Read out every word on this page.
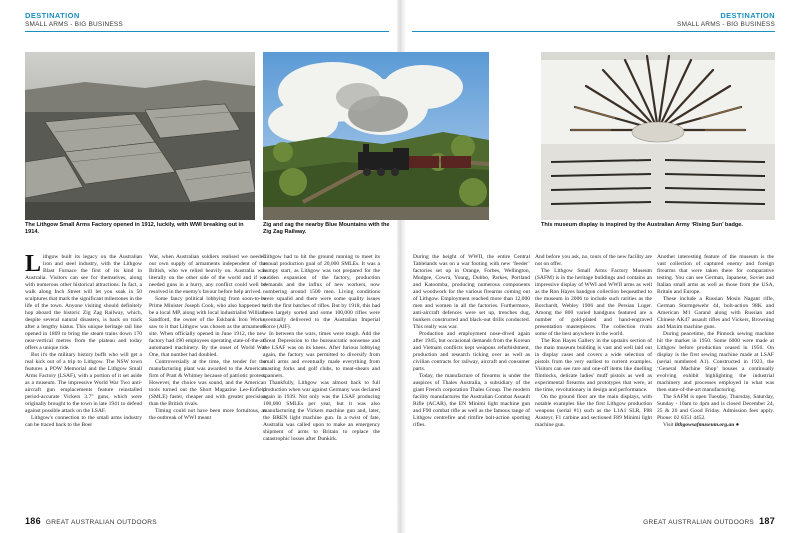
DESTINATION
SMALL ARMS - BIG BUSINESS
DESTINATION
SMALL ARMS - BIG BUSINESS
The Lithgow Small Arms Factory opened in 1912, luckily, with WWI breaking out in 1914.
Zig and zag the nearby Blue Mountains with the Zig Zag Railway.
This museum display is inspired by the Australian Army ‘Rising Sun’ badge.

Lithgow built its legacy on the Australian iron and steel industry, with the Lithgow Blast Furnace the first of its kind in Australia. Visitors can see for themselves, along with numerous other historical attractions. In fact, a walk along Inch Street will let you soak in 50 sculptures that mark the significant milestones in the life of the town. Anyone visiting should definitely hop aboard the historic Zig Zag Railway, which, despite several natural disasters, is back on track after a lengthy hiatus. This unique heritage rail line opened in 1869 to bring the steam trains down 170 near-vertical metres from the plateau and today offers a unique ride.

But it's the military history buffs who will get a real kick out of a trip to Lithgow. The NSW town features a POW Memorial and the Lithgow Small Arms Factory (LSAF), with a portion of it set aside as a museum. The impressive World War Two anti-aircraft gun emplacements feature reinstalled period-accurate Vickers 3.7” guns, which were originally brought to the town in late 1941 to defend against possible attack on the LSAF.

Lithgow's connection to the small arms industry can be traced back to the Boer

War, when Australian soldiers realised we needed our own supply of armaments independent of the British, who we relied heavily on. Australia was literally on the other side of the world and if we needed guns in a hurry, any conflict could well be resolved in the enemy's favour before help arrived.

Some fancy political lobbying from soon-to-be Prime Minister Joseph Cook, who also happened to be a local MP, along with local industrialist William Sandford, the owner of the Eskbank Iron Works, saw to it that Lithgow was chosen as the armaments site. When officially opened in June 1912, the new factory had 190 employees operating state-of-the-art automated machinery. By the onset of World War One, that number had doubled.

Controversially at the time, the tender for the manufacturing plant was awarded to the American firm of Pratt & Whitney because of patriotic protest. However, the choice was sound, and the American tools turned out the Short Magazine Lee-Enfield (SMLE) faster, cheaper and with greater precision than the British rivals.

Timing could not have been more fortuitous, as the outbreak of WWI meant

Lithgow had to hit the ground running to meet its annual production goal of 20,000 SMLEs. It was a bumpy start, as Lithgow was not prepared for the sudden expansion of the factory, production demands and the influx of new workers, now numbering around 1500 men. Living conditions were squalid and there were some quality issues with the first batches of rifles. But by 1918, this had been largely sorted and some 100,000 rifles were eventually delivered to the Australian Imperial Force (AIF).

In between the wars, times were tough. Add the Great Depression to the bureaucratic nonsense and the LSAF was on its knees. After furious lobbying again, the factory was permitted to diversify from small arms and eventually made everything from toasting forks and golf clubs, to meat-shears and spanners.

Thankfully, Lithgow was almost back to full production when war against Germany was declared again in 1939. Not only was the LSAF producing 100,000 SMLEs per year, but it was also manufacturing the Vickers machine gun and, later, the BREN light machine gun. In a twist of fate, Australia was called upon to make an emergency shipment of arms to Britain to replace the catastrophic losses after Dunkirk.

During the height of WWII, the entire Central Tablelands was on a war footing with new ‘feeder’ factories set up in Orange, Forbes, Wellington, Mudgee, Cowra, Young, Dubbo, Parkes, Portland and Katoomba, producing numerous components and woodwork for the various firearms coming out of Lithgow. Employment reached more than 12,000 men and women in all the factories. Furthermore, anti-aircraft defences were set up, trenches dug, bunkers constructed and black-out drills conducted. This really was war.

Production and employment nose-dived again after 1945, but occasional demands from the Korean and Vietnam conflicts kept weapons refurbishment, production and research ticking over as well as civilian contracts for railway, aircraft and consumer parts.

Today, the manufacture of firearms is under the auspices of Thales Australia, a subsidiary of the giant French corporation Thales Group. The modern facility manufactures the Australian Combat Assault Rifle (ACAR), the EN Minimi light machine gun and F90 combat rifle as well as the famous range of Lithgow centrefire and rimfire bolt-action sporting rifles.

And before you ask, no, tours of the new facility are not on offer.

The Lithgow Small Arms Factory Museum (SAFM) is in the heritage buildings and contains an impressive display of WWI and WWII arms as well as the Ron Hayes handgun collection bequeathed to the museum in 2006 to include such rarities as the Borchardt, Webley 1906 and the Persian Luger. Among the 800 varied handguns featured are a number of gold-plated and hand-engraved presentation masterpieces. The collection rivals some of the best anywhere in the world.

The Ron Hayes Gallery in the upstairs section of the main museum building is vast and well laid out in display cases and covers a wide selection of pistols from the very earliest to current examples. Visitors can see rare and one-off items like duelling flintlocks, delicate ladies' muff pistols as well as experimental firearms and prototypes that were, at the time, revolutionary in design and performance.

On the ground floor are the main displays, with notable examples like the first Lithgow production weapons (serial #1) such as the L1A1 SLR, F88 Austeyr, F1 carbine and sectioned F89 Minimi light machine gun.

Another interesting feature of the museum is the vast collection of captured enemy and foreign firearms that were taken there for comparative testing. You can see German, Japanese, Soviet and Italian small arms as well as those from the USA, Britain and Europe.

These include a Russian Mosin Nagant rifle, German Sturmgewehr 44, bolt-action 98K and American M1 Garand along with Russian and Chinese AK47 assault rifles and Vickers, Browning and Maxim machine guns.

During peacetime, the Pinnock sewing machine hit the market in 1950. Some 6000 were made at Lithgow before production ceased in 1956. On display is the first sewing machine made at LSAF (serial numbered A1). Constructed in 1923, the ‘General Machine Shop’ houses a continually evolving exhibit highlighting the industrial machinery and processes employed in what was then state-of-the-art manufacturing.

The SAFM is open Tuesday, Thursday, Saturday, Sunday - 10am to 4pm and is closed December 24, 25 & 26 and Good Friday. Admission fees apply. Phone: 02 6351 4452.

Visit lithgowsafmuseum.org.au ●

186 GREAT AUSTRALIAN OUTDOORS	GREAT AUSTRALIAN OUTDOORS 187
